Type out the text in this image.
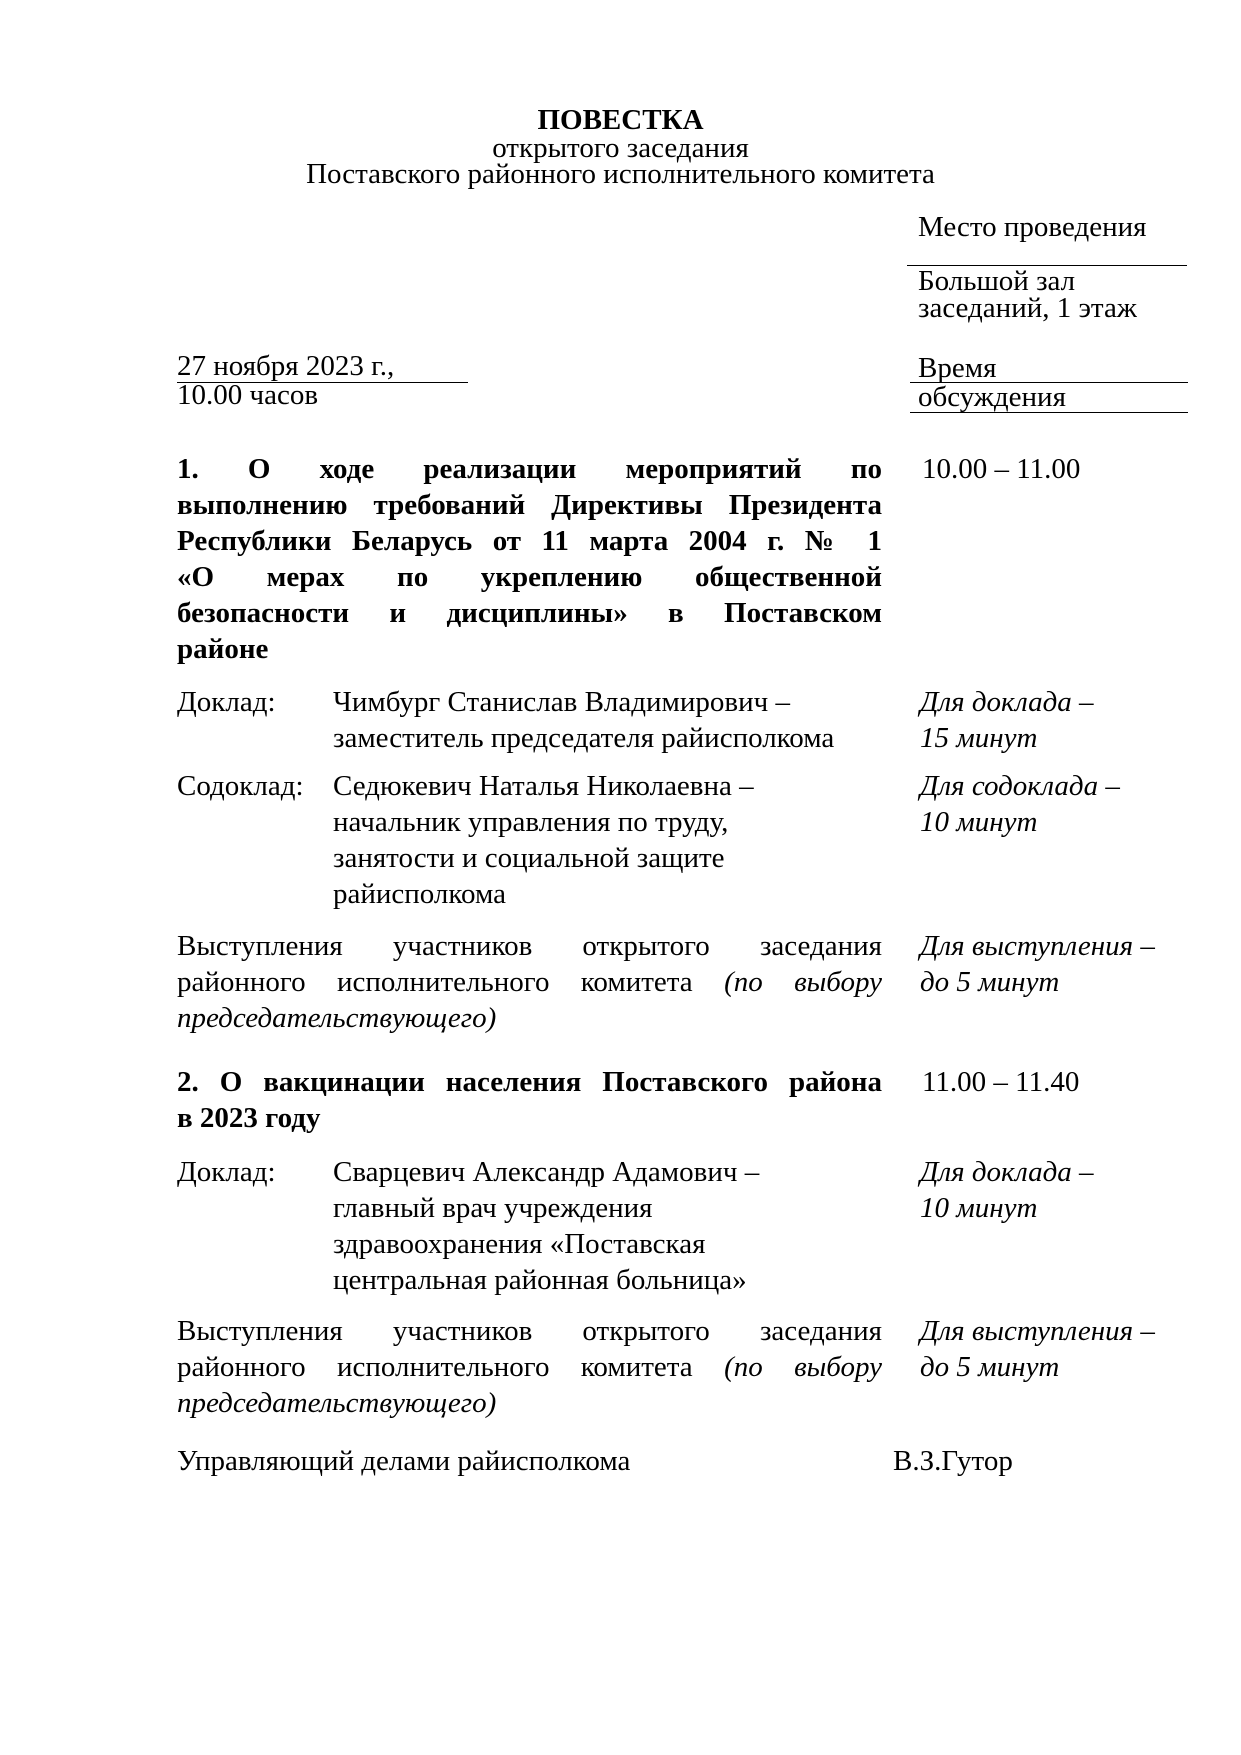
ПОВЕСТКА
открытого заседания
Поставского районного исполнительного комитета
Место проведения
Большой зал
заседаний, 1 этаж
27 ноября 2023 г.,
10.00 часов
Время
обсуждения
1. О ходе реализации мероприятий по
выполнению требований Директивы Президента
Республики Беларусь от 11 марта 2004 г. № 1
«О мерах по укреплению общественной
безопасности и дисциплины» в Поставском
районе
10.00 – 11.00
Доклад: Чимбург Станислав Владимирович –
заместитель председателя райисполкома
Для доклада –
15 минут
Содоклад: Седюкевич Наталья Николаевна –
начальник управления по труду,
занятости и социальной защите
райисполкома
Для содоклада –
10 минут
Выступления участников открытого заседания
районного исполнительного комитета (по выбору
председательствующего)
Для выступления –
до 5 минут
2. О вакцинации населения Поставского района
в 2023 году
11.00 – 11.40
Доклад: Сварцевич Александр Адамович –
главный врач учреждения
здравоохранения «Поставская
центральная районная больница»
Для доклада –
10 минут
Выступления участников открытого заседания
районного исполнительного комитета (по выбору
председательствующего)
Для выступления –
до 5 минут
Управляющий делами райисполкома	В.З.Гутор
